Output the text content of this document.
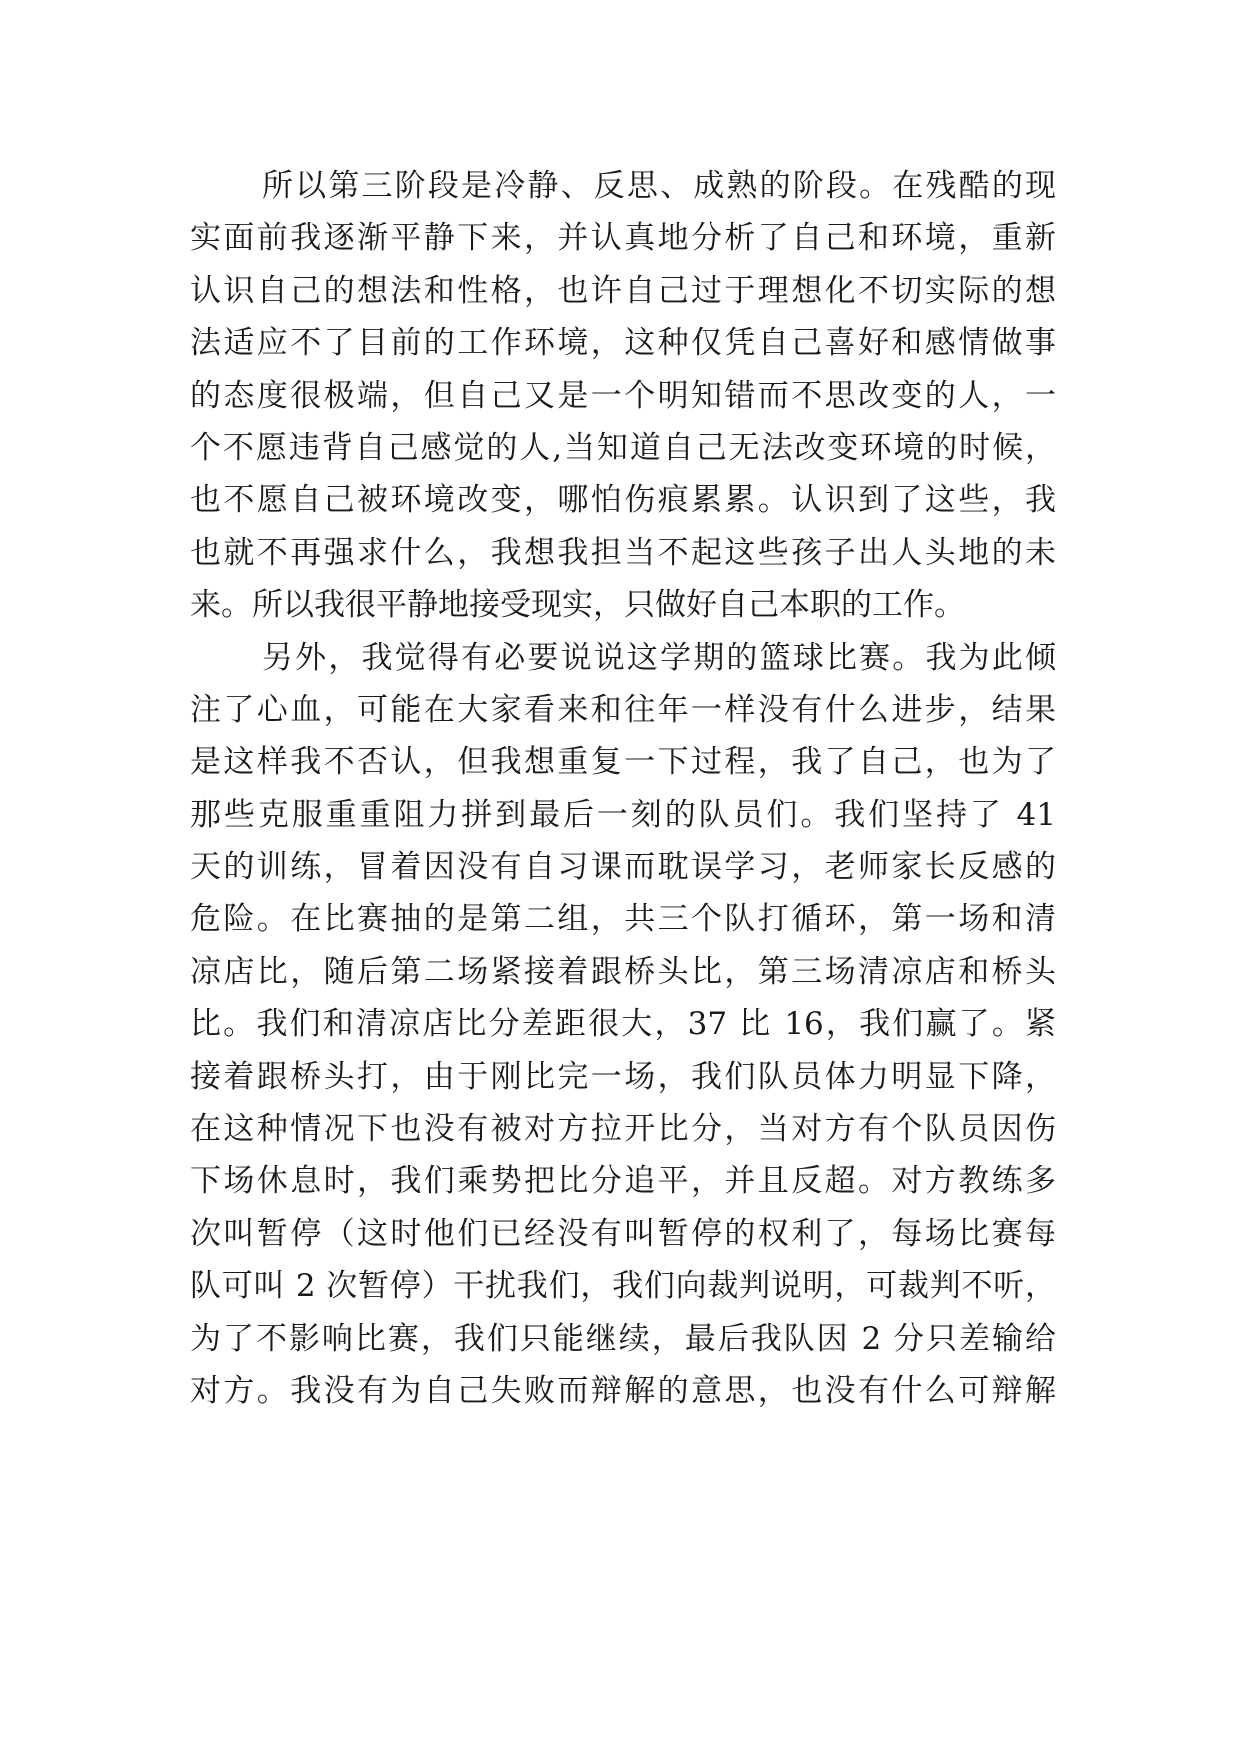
所以第三阶段是冷静、反思、成熟的阶段。在残酷的现
实面前我逐渐平静下来，并认真地分析了自己和环境，重新
认识自己的想法和性格，也许自己过于理想化不切实际的想
法适应不了目前的工作环境，这种仅凭自己喜好和感情做事
的态度很极端，但自己又是一个明知错而不思改变的人，一
个不愿违背自己感觉的人,当知道自己无法改变环境的时候，
也不愿自己被环境改变，哪怕伤痕累累。认识到了这些，我
也就不再强求什么，我想我担当不起这些孩子出人头地的未
来。所以我很平静地接受现实，只做好自己本职的工作。
另外，我觉得有必要说说这学期的篮球比赛。我为此倾
注了心血，可能在大家看来和往年一样没有什么进步，结果
是这样我不否认，但我想重复一下过程，我了自己，也为了
那些克服重重阻力拼到最后一刻的队员们。我们坚持了 41
天的训练，冒着因没有自习课而耽误学习，老师家长反感的
危险。在比赛抽的是第二组，共三个队打循环，第一场和清
凉店比，随后第二场紧接着跟桥头比，第三场清凉店和桥头
比。我们和清凉店比分差距很大，37 比 16，我们赢了。紧
接着跟桥头打，由于刚比完一场，我们队员体力明显下降，
在这种情况下也没有被对方拉开比分，当对方有个队员因伤
下场休息时，我们乘势把比分追平，并且反超。对方教练多
次叫暂停（这时他们已经没有叫暂停的权利了，每场比赛每
队可叫 2 次暂停）干扰我们，我们向裁判说明，可裁判不听，
为了不影响比赛，我们只能继续，最后我队因 2 分只差输给
对方。我没有为自己失败而辩解的意思，也没有什么可辩解
